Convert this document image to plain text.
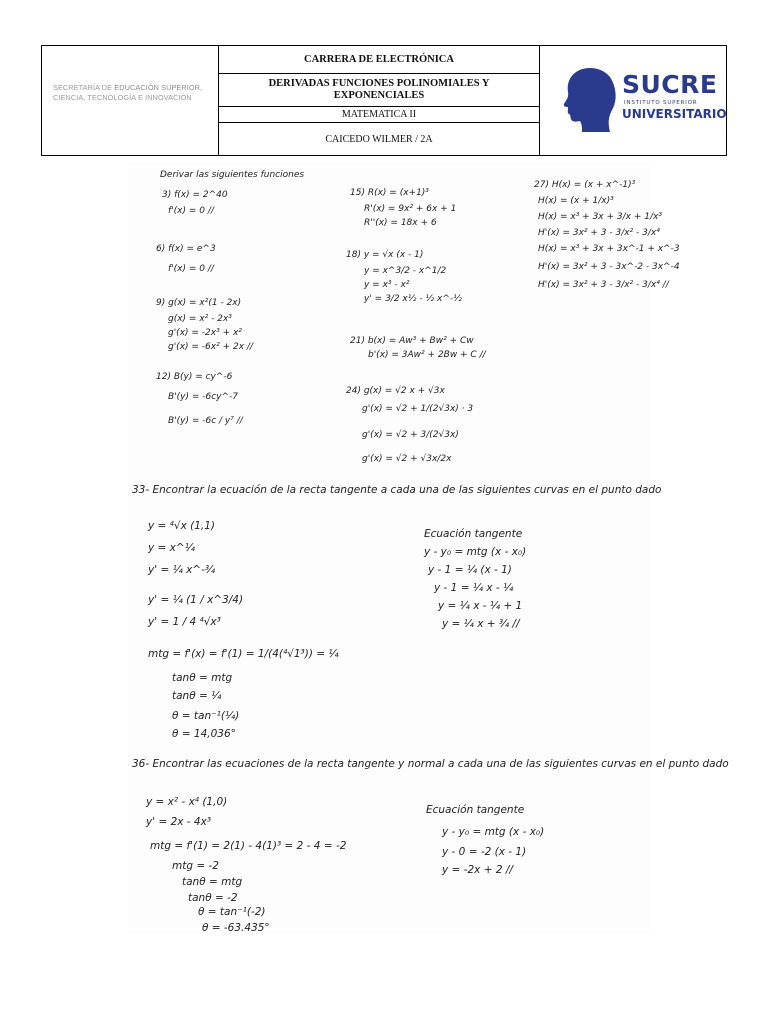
SECRETARÍA DE EDUCACIÓN SUPERIOR,
CIENCIA, TECNOLOGÍA E INNOVACIÓN
CARRERA DE ELECTRÓNICA
DERIVADAS FUNCIONES POLINOMIALES Y EXPONENCIALES
MATEMATICA II
CAICEDO WILMER / 2A
SUCRE
INSTITUTO SUPERIOR
UNIVERSITARIO
Derivar las siguientes funciones
3) f(x) = 2^40
f'(x) = 0 //
6) f(x) = e^3
f'(x) = 0 //
9) g(x) = x²(1 - 2x)
g(x) = x² - 2x³
g'(x) = -2x³ + x²
g'(x) = -6x² + 2x //
12) B(y) = cy^-6
B'(y) = -6cy^-7
B'(y) = -6c / y⁷ //
15) R(x) = (x+1)³
R'(x) = 9x² + 6x + 1
R''(x) = 18x + 6
18) y = √x (x - 1)
y = x^3/2 - x^1/2
y = x³ - x²
y' = 3/2 x½ - ½ x^-½
21) b(x) = Aw³ + Bw² + Cw
b'(x) = 3Aw² + 2Bw + C //
24) g(x) = √2 x + √3x
g'(x) = √2 + 1/(2√3x) · 3
g'(x) = √2 + 3/(2√3x)
g'(x) = √2 + √3x/2x
27) H(x) = (x + x^-1)³
H(x) = (x + 1/x)³
H(x) = x³ + 3x + 3/x + 1/x³
H'(x) = 3x² + 3 - 3/x² - 3/x⁴
H(x) = x³ + 3x + 3x^-1 + x^-3
H'(x) = 3x² + 3 - 3x^-2 - 3x^-4
H'(x) = 3x² + 3 - 3/x² - 3/x⁴ //
33- Encontrar la ecuación de la recta tangente a cada una de las siguientes curvas en el punto dado
y = ⁴√x (1,1)
y = x^¼
y' = ¼ x^-¾
y' = ¼ (1 / x^3/4)
y' = 1 / 4 ⁴√x³
mtg = f'(x) = f'(1) = 1/(4(⁴√1³)) = ¼
tanθ = mtg
tanθ = ¼
θ = tan⁻¹(¼)
θ = 14,036°
Ecuación tangente
y - y₀ = mtg (x - x₀)
y - 1 = ¼ (x - 1)
y - 1 = ¼ x - ¼
y = ¼ x - ¼ + 1
y = ¼ x + ¾ //
36- Encontrar las ecuaciones de la recta tangente y normal a cada una de las siguientes curvas en el punto dado
y = x² - x⁴ (1,0)
y' = 2x - 4x³
mtg = f'(1) = 2(1) - 4(1)³ = 2 - 4 = -2
mtg = -2
tanθ = mtg
tanθ = -2
θ = tan⁻¹(-2)
θ = -63.435°
Ecuación tangente
y - y₀ = mtg (x - x₀)
y - 0 = -2 (x - 1)
y = -2x + 2 //
